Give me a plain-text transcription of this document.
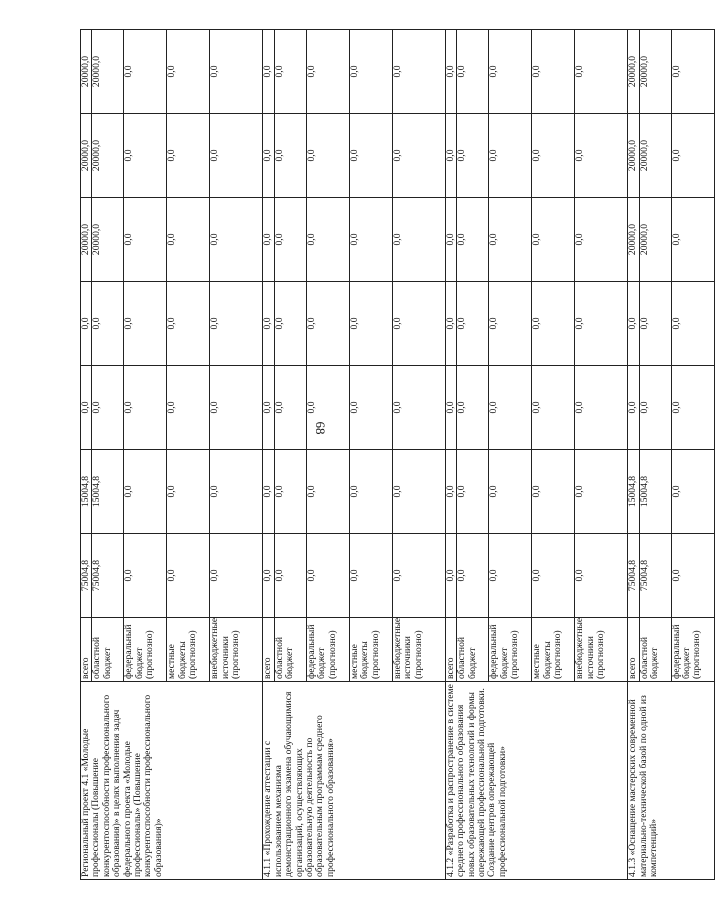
68
Региональный проект 4.1 «Молодые профессионалы (Повышение конкурентоспособности профессионального образования)» в целях выполнения задач федерального проекта «Молодые профессионалы» (Повышение конкурентоспособности профессионального образования)»	всего	75004,8	15004,8	0,0	0,0	20000,0	20000,0	20000,0
	областной бюджет	75004,8	15004,8	0,0	0,0	20000,0	20000,0	20000,0
	федеральный бюджет (прогнозно)	0,0	0,0	0,0	0,0	0,0	0,0	0,0
	местные бюджеты (прогнозно)	0,0	0,0	0,0	0,0	0,0	0,0	0,0
	внебюджетные источники (прогнозно)	0,0	0,0	0,0	0,0	0,0	0,0	0,0
4.1.1 «Прохождение аттестации с использованием механизма демонстрационного экзамена обучающимися организаций, осуществляющих образовательную деятельность по образовательным программам среднего профессионального образования»	всего	0,0	0,0	0,0	0,0	0,0	0,0	0,0
	областной бюджет	0,0	0,0	0,0	0,0	0,0	0,0	0,0
	федеральный бюджет (прогнозно)	0,0	0,0	0,0	0,0	0,0	0,0	0,0
	местные бюджеты (прогнозно)	0,0	0,0	0,0	0,0	0,0	0,0	0,0
	внебюджетные источники (прогнозно)	0,0	0,0	0,0	0,0	0,0	0,0	0,0
4.1.2 «Разработка и распространение в системе среднего профессионального образования новых образовательных технологий и формы опережающей профессиональной подготовки. Создание центров опережающей профессиональной подготовки»	всего	0,0	0,0	0,0	0,0	0,0	0,0	0,0
	областной бюджет	0,0	0,0	0,0	0,0	0,0	0,0	0,0
	федеральный бюджет (прогнозно)	0,0	0,0	0,0	0,0	0,0	0,0	0,0
	местные бюджеты (прогнозно)	0,0	0,0	0,0	0,0	0,0	0,0	0,0
	внебюджетные источники (прогнозно)	0,0	0,0	0,0	0,0	0,0	0,0	0,0
4.1.3 «Оснащение мастерских современной материально-технической базой по одной из компетенций»	всего	75004,8	15004,8	0,0	0,0	20000,0	20000,0	20000,0
	областной бюджет	75004,8	15004,8	0,0	0,0	20000,0	20000,0	20000,0
	федеральный бюджет (прогнозно)	0,0	0,0	0,0	0,0	0,0	0,0	0,0
